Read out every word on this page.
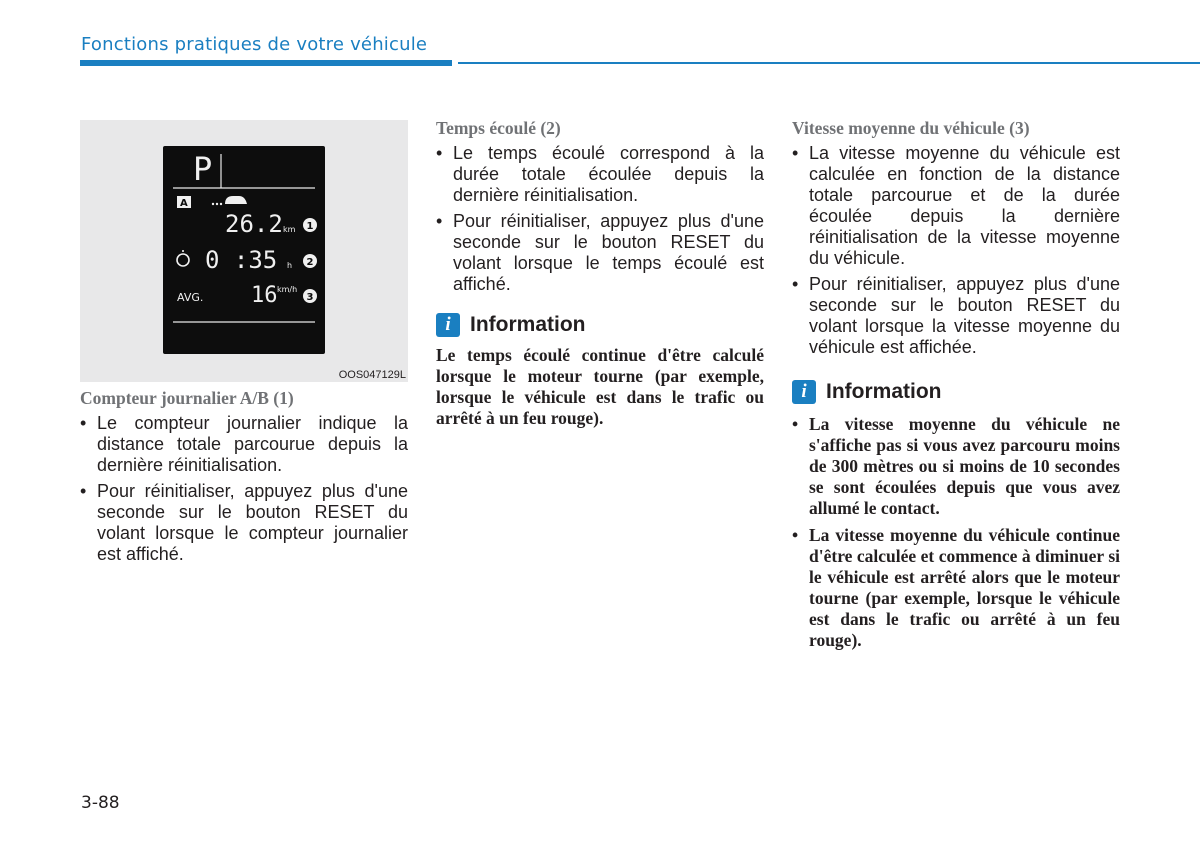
Fonctions pratiques de votre véhicule
P
A
26.2 km 1
0 :35 h 2
AVG. 16 km/h
3
OOS047129L
Compteur journalier A/B (1)
• Le compteur journalier indique la distance totale parcourue depuis la dernière réinitialisation.
• Pour réinitialiser, appuyez plus d'une seconde sur le bouton RESET du volant lorsque le compteur journalier est affiché.
Temps écoulé (2)
• Le temps écoulé correspond à la durée totale écoulée depuis la dernière réinitialisation.
• Pour réinitialiser, appuyez plus d'une seconde sur le bouton RESET du volant lorsque le temps écoulé est affiché.
i Information
Le temps écoulé continue d'être calculé lorsque le moteur tourne (par exemple, lorsque le véhicule est dans le trafic ou arrêté à un feu rouge).
Vitesse moyenne du véhicule (3)
• La vitesse moyenne du véhicule est calculée en fonction de la distance totale parcourue et de la durée écoulée depuis la dernière réinitialisation de la vitesse moyenne du véhicule.
• Pour réinitialiser, appuyez plus d'une seconde sur le bouton RESET du volant lorsque la vitesse moyenne du véhicule est affichée.
i Information
• La vitesse moyenne du véhicule ne s'affiche pas si vous avez parcouru moins de 300 mètres ou si moins de 10 secondes se sont écoulées depuis que vous avez allumé le contact.
• La vitesse moyenne du véhicule continue d'être calculée et commence à diminuer si le véhicule est arrêté alors que le moteur tourne (par exemple, lorsque le véhicule est dans le trafic ou arrêté à un feu rouge).
3-88
